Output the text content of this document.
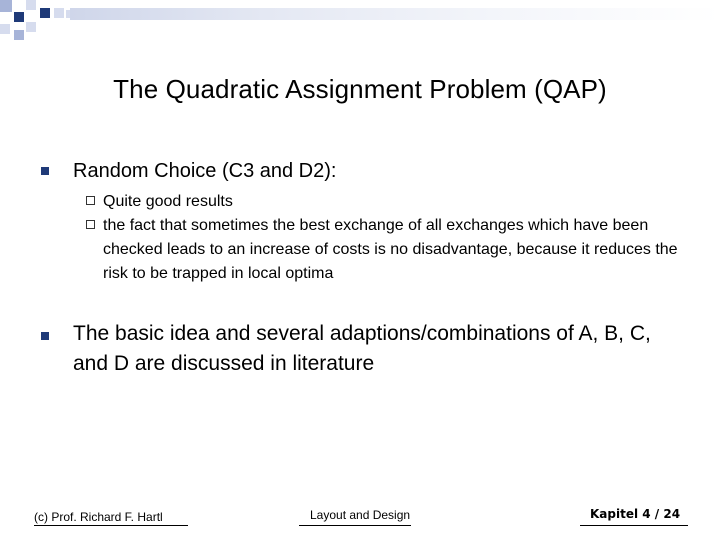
The Quadratic Assignment Problem (QAP)
Random Choice (C3 and D2):
Quite good results
the fact that sometimes the best exchange of all exchanges which have been checked leads to an increase of costs is no disadvantage, because it reduces the risk to be trapped in local optima
The basic idea and several adaptions/combinations of A, B, C, and D are discussed in literature
(c) Prof. Richard F. Hartl	Layout and Design	Kapitel 4 / 24
